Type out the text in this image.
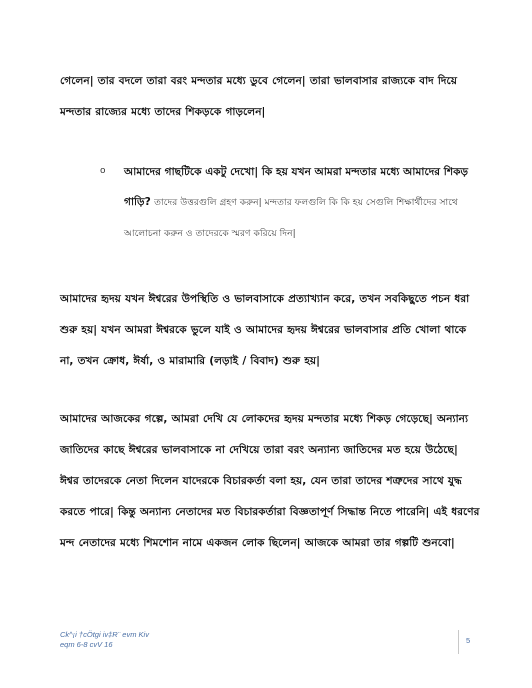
গেলেন| তার বদলে তারা বরং মন্দতার মধ্যে ডুবে গেলেন| তারা ভালবাসার রাজ্যকে বাদ দিয়ে মন্দতার রাজ্যের মধ্যে তাদের শিকড়কে গাড়লেন|

o আমাদের গাছটিকে একটু দেখো| কি হয় যখন আমরা মন্দতার মধ্যে আমাদের শিকড় গাড়ি? তাদের উত্তরগুলি গ্রহণ করুন| মন্দতার ফলগুলি কি কি হয় সেগুলি শিক্ষার্থীদের সাথে আলোচনা করুন ও তাদেরকে স্মরণ করিয়ে দিন|

আমাদের হৃদয় যখন ঈশ্বরের উপস্থিতি ও ভালবাসাকে প্রত্যাখ্যান করে, তখন সবকিছুতে পচন ধরা শুরু হয়| যখন আমরা ঈশ্বরকে ভুলে যাই ও আমাদের হৃদয় ঈশ্বরের ভালবাসার প্রতি খোলা থাকে না, তখন ক্রোধ, ঈর্ষা, ও মারামারি (লড়াই / বিবাদ) শুরু হয়|

আমাদের আজকের গল্পে, আমরা দেখি যে লোকদের হৃদয় মন্দতার মধ্যে শিকড় গেড়েছে| অন্যান্য জাতিদের কাছে ঈশ্বরের ভালবাসাকে না দেখিয়ে তারা বরং অন্যান্য জাতিদের মত হয়ে উঠেছে| ঈশ্বর তাদেরকে নেতা দিলেন যাদেরকে বিচারকর্তা বলা হয়, যেন তারা তাদের শত্রুদের সাথে যুদ্ধ করতে পারে| কিন্তু অন্যান্য নেতাদের মত বিচারকর্তারা বিজ্ঞতাপূর্ণ সিদ্ধান্ত নিতে পারেনি| এই ধরণের মন্দ নেতাদের মধ্যে শিমশোন নামে একজন লোক ছিলেন| আজকে আমরা তার গল্পটি শুনবো|

Ck^¡i †cÖtgi iv‡R¨ evm Kiv
eqm 6-8 cvV 16	5
